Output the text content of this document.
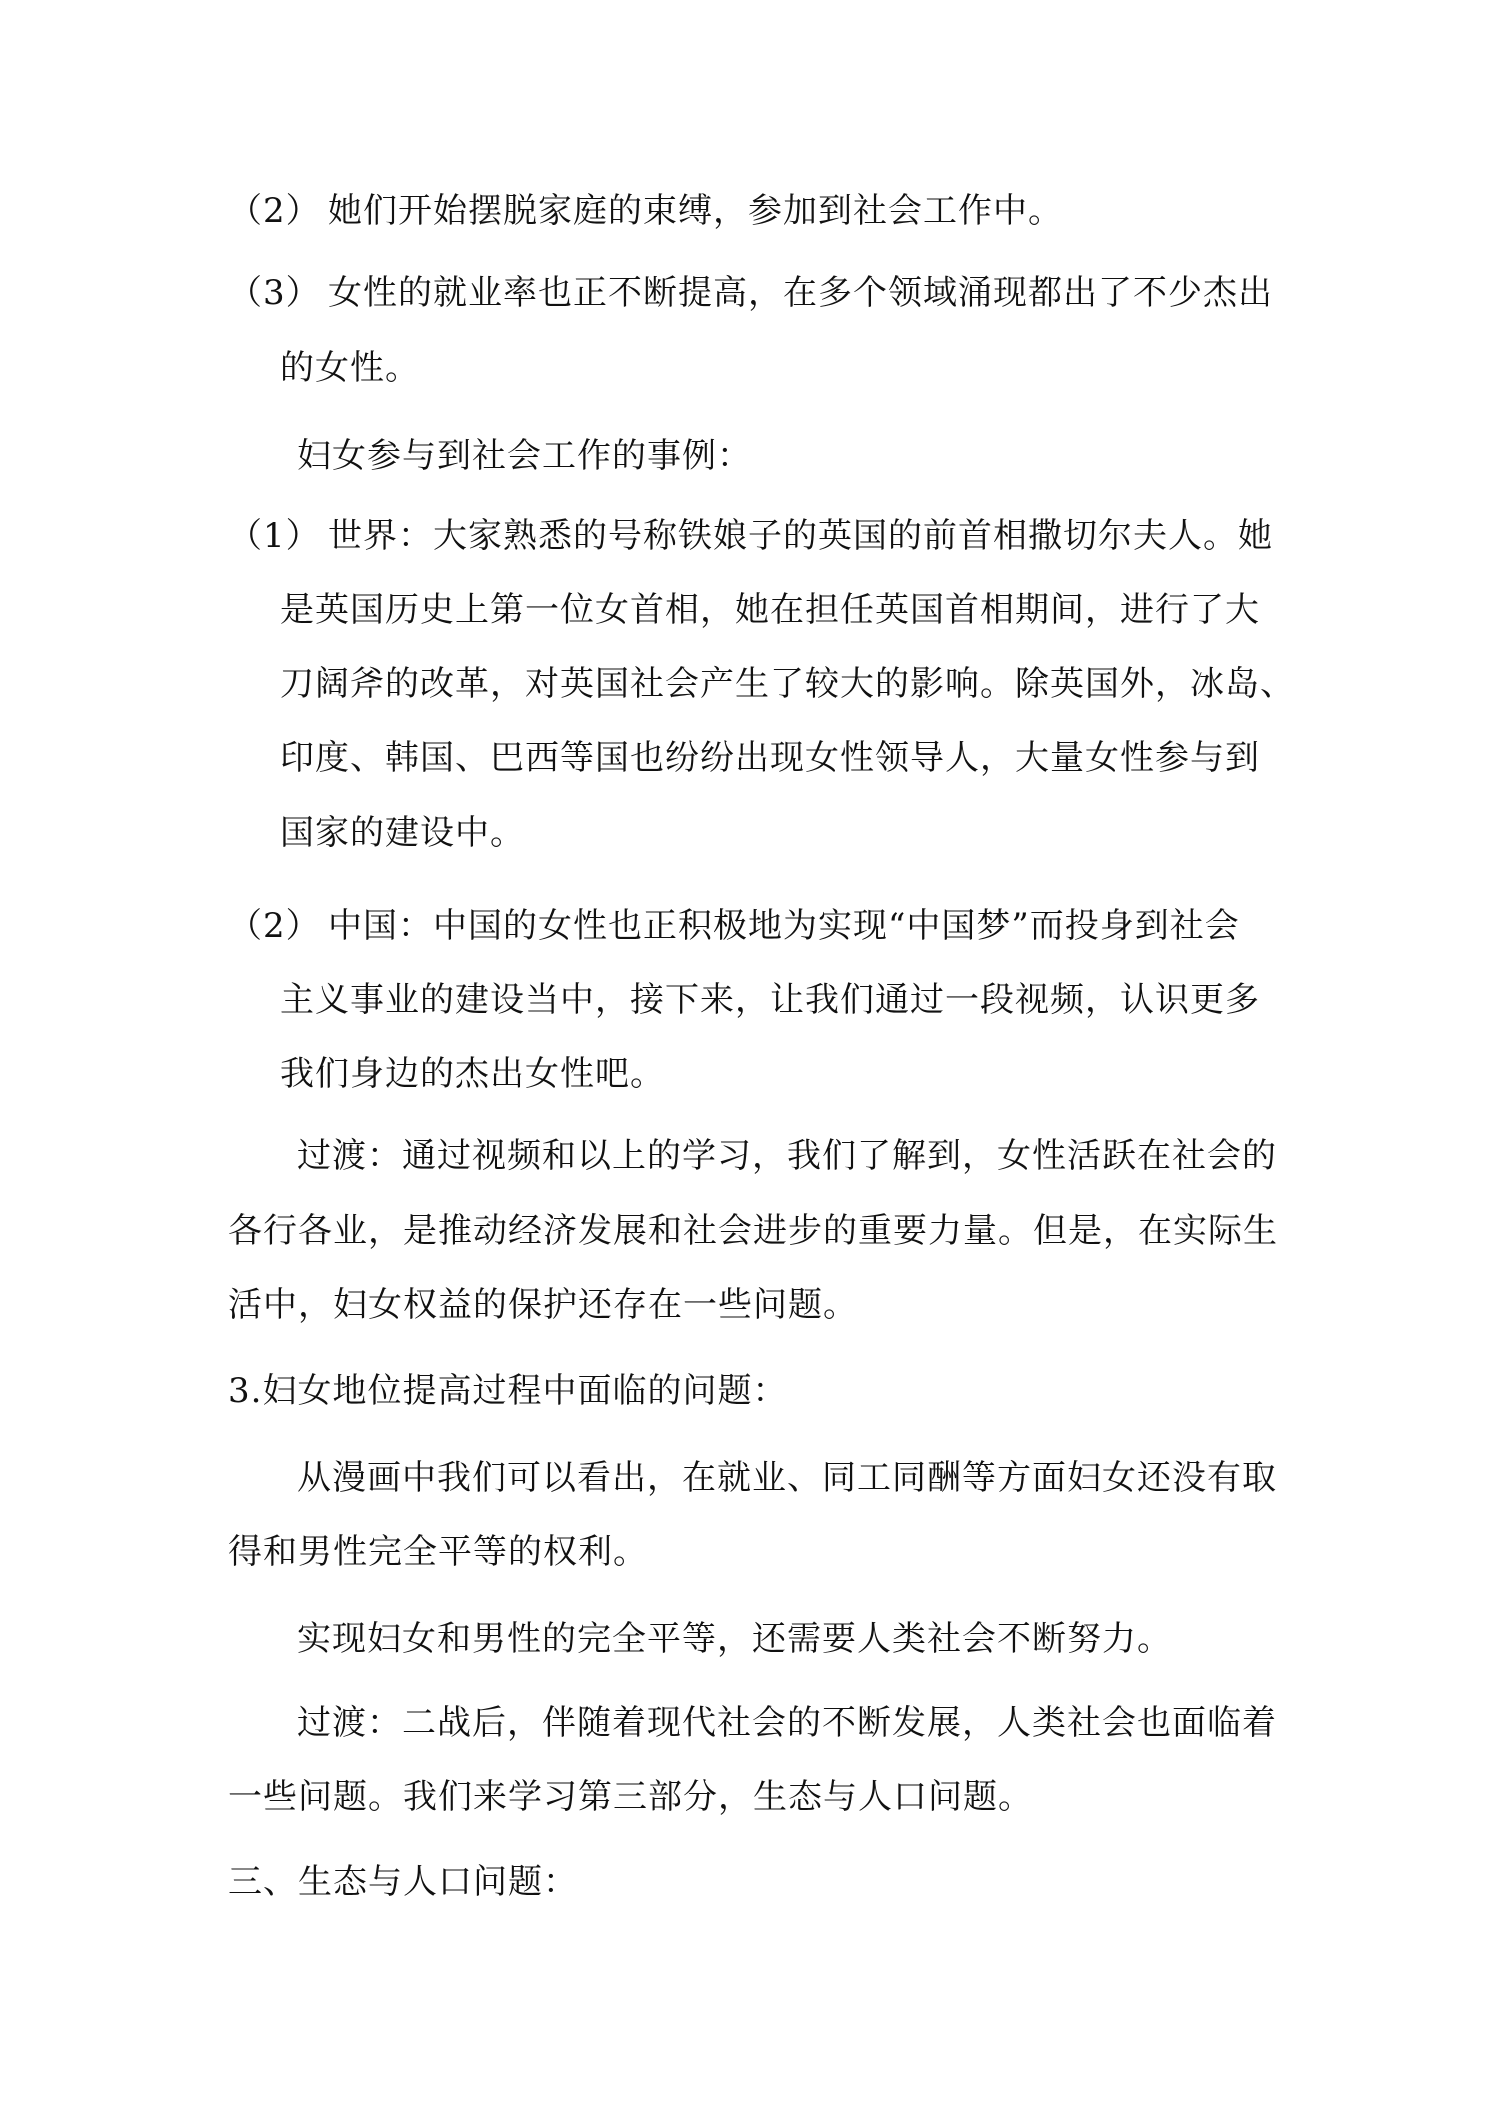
（2） 她们开始摆脱家庭的束缚，参加到社会工作中。
（3） 女性的就业率也正不断提高，在多个领域涌现都出了不少杰出
的女性。
妇女参与到社会工作的事例：
（1） 世界：大家熟悉的号称铁娘子的英国的前首相撒切尔夫人。她
是英国历史上第一位女首相，她在担任英国首相期间，进行了大
刀阔斧的改革，对英国社会产生了较大的影响。除英国外，冰岛、
印度、韩国、巴西等国也纷纷出现女性领导人，大量女性参与到
国家的建设中。
（2） 中国：中国的女性也正积极地为实现“中国梦”而投身到社会
主义事业的建设当中，接下来，让我们通过一段视频，认识更多
我们身边的杰出女性吧。
过渡：通过视频和以上的学习，我们了解到，女性活跃在社会的
各行各业，是推动经济发展和社会进步的重要力量。但是，在实际生
活中，妇女权益的保护还存在一些问题。
3.妇女地位提高过程中面临的问题：
从漫画中我们可以看出，在就业、同工同酬等方面妇女还没有取
得和男性完全平等的权利。
实现妇女和男性的完全平等，还需要人类社会不断努力。
过渡：二战后，伴随着现代社会的不断发展，人类社会也面临着
一些问题。我们来学习第三部分，生态与人口问题。
三、生态与人口问题：
